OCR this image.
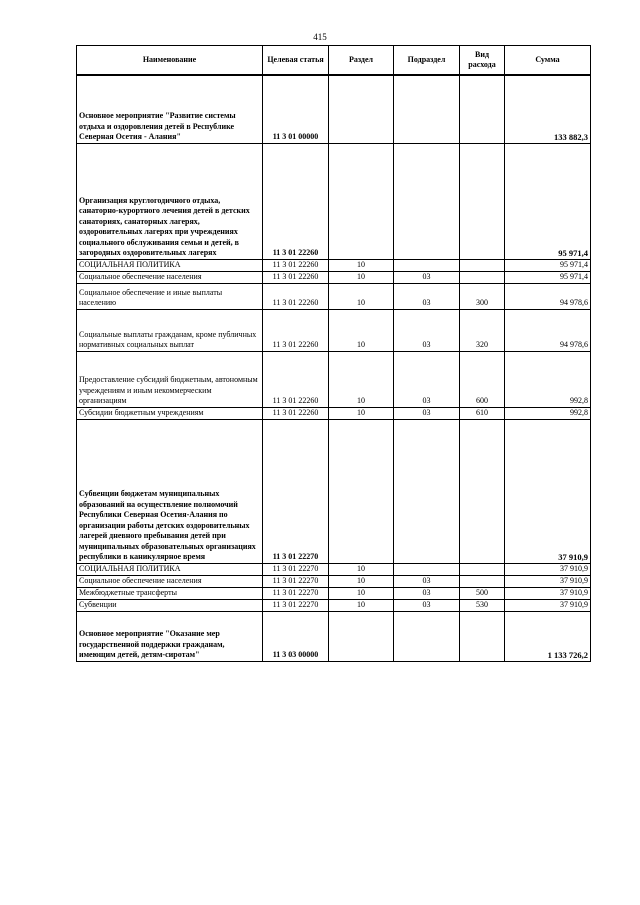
415
Наименование	Целевая статья	Раздел	Подраздел	Вид расхода	Сумма
Основное мероприятие "Развитие системы отдыха и оздоровления детей в Республике Северная Осетия - Алания"	11 3 01 00000				133 882,3
Организация круглогодичного отдыха, санаторно-курортного лечения детей в детских санаториях, санаторных лагерях, оздоровительных лагерях при учреждениях социального обслуживания семьи и детей, в загородных оздоровительных лагерях	11 3 01 22260				95 971,4
СОЦИАЛЬНАЯ ПОЛИТИКА	11 3 01 22260	10			95 971,4
Социальное обеспечение населения	11 3 01 22260	10	03		95 971,4
Социальное обеспечение и иные выплаты населению	11 3 01 22260	10	03	300	94 978,6
Социальные выплаты гражданам, кроме публичных нормативных социальных выплат	11 3 01 22260	10	03	320	94 978,6
Предоставление субсидий бюджетным, автономным учреждениям и иным некоммерческим организациям	11 3 01 22260	10	03	600	992,8
Субсидии бюджетным учреждениям	11 3 01 22260	10	03	610	992,8
Субвенции бюджетам муниципальных образований на осуществление полномочий Республики Северная Осетия-Алания по организации работы детских оздоровительных лагерей дневного пребывания детей при муниципальных образовательных организациях республики в каникулярное время	11 3 01 22270				37 910,9
СОЦИАЛЬНАЯ ПОЛИТИКА	11 3 01 22270	10			37 910,9
Социальное обеспечение населения	11 3 01 22270	10	03		37 910,9
Межбюджетные трансферты	11 3 01 22270	10	03	500	37 910,9
Субвенции	11 3 01 22270	10	03	530	37 910,9
Основное мероприятие "Оказание мер государственной поддержки гражданам, имеющим детей, детям-сиротам"	11 3 03 00000				1 133 726,2
